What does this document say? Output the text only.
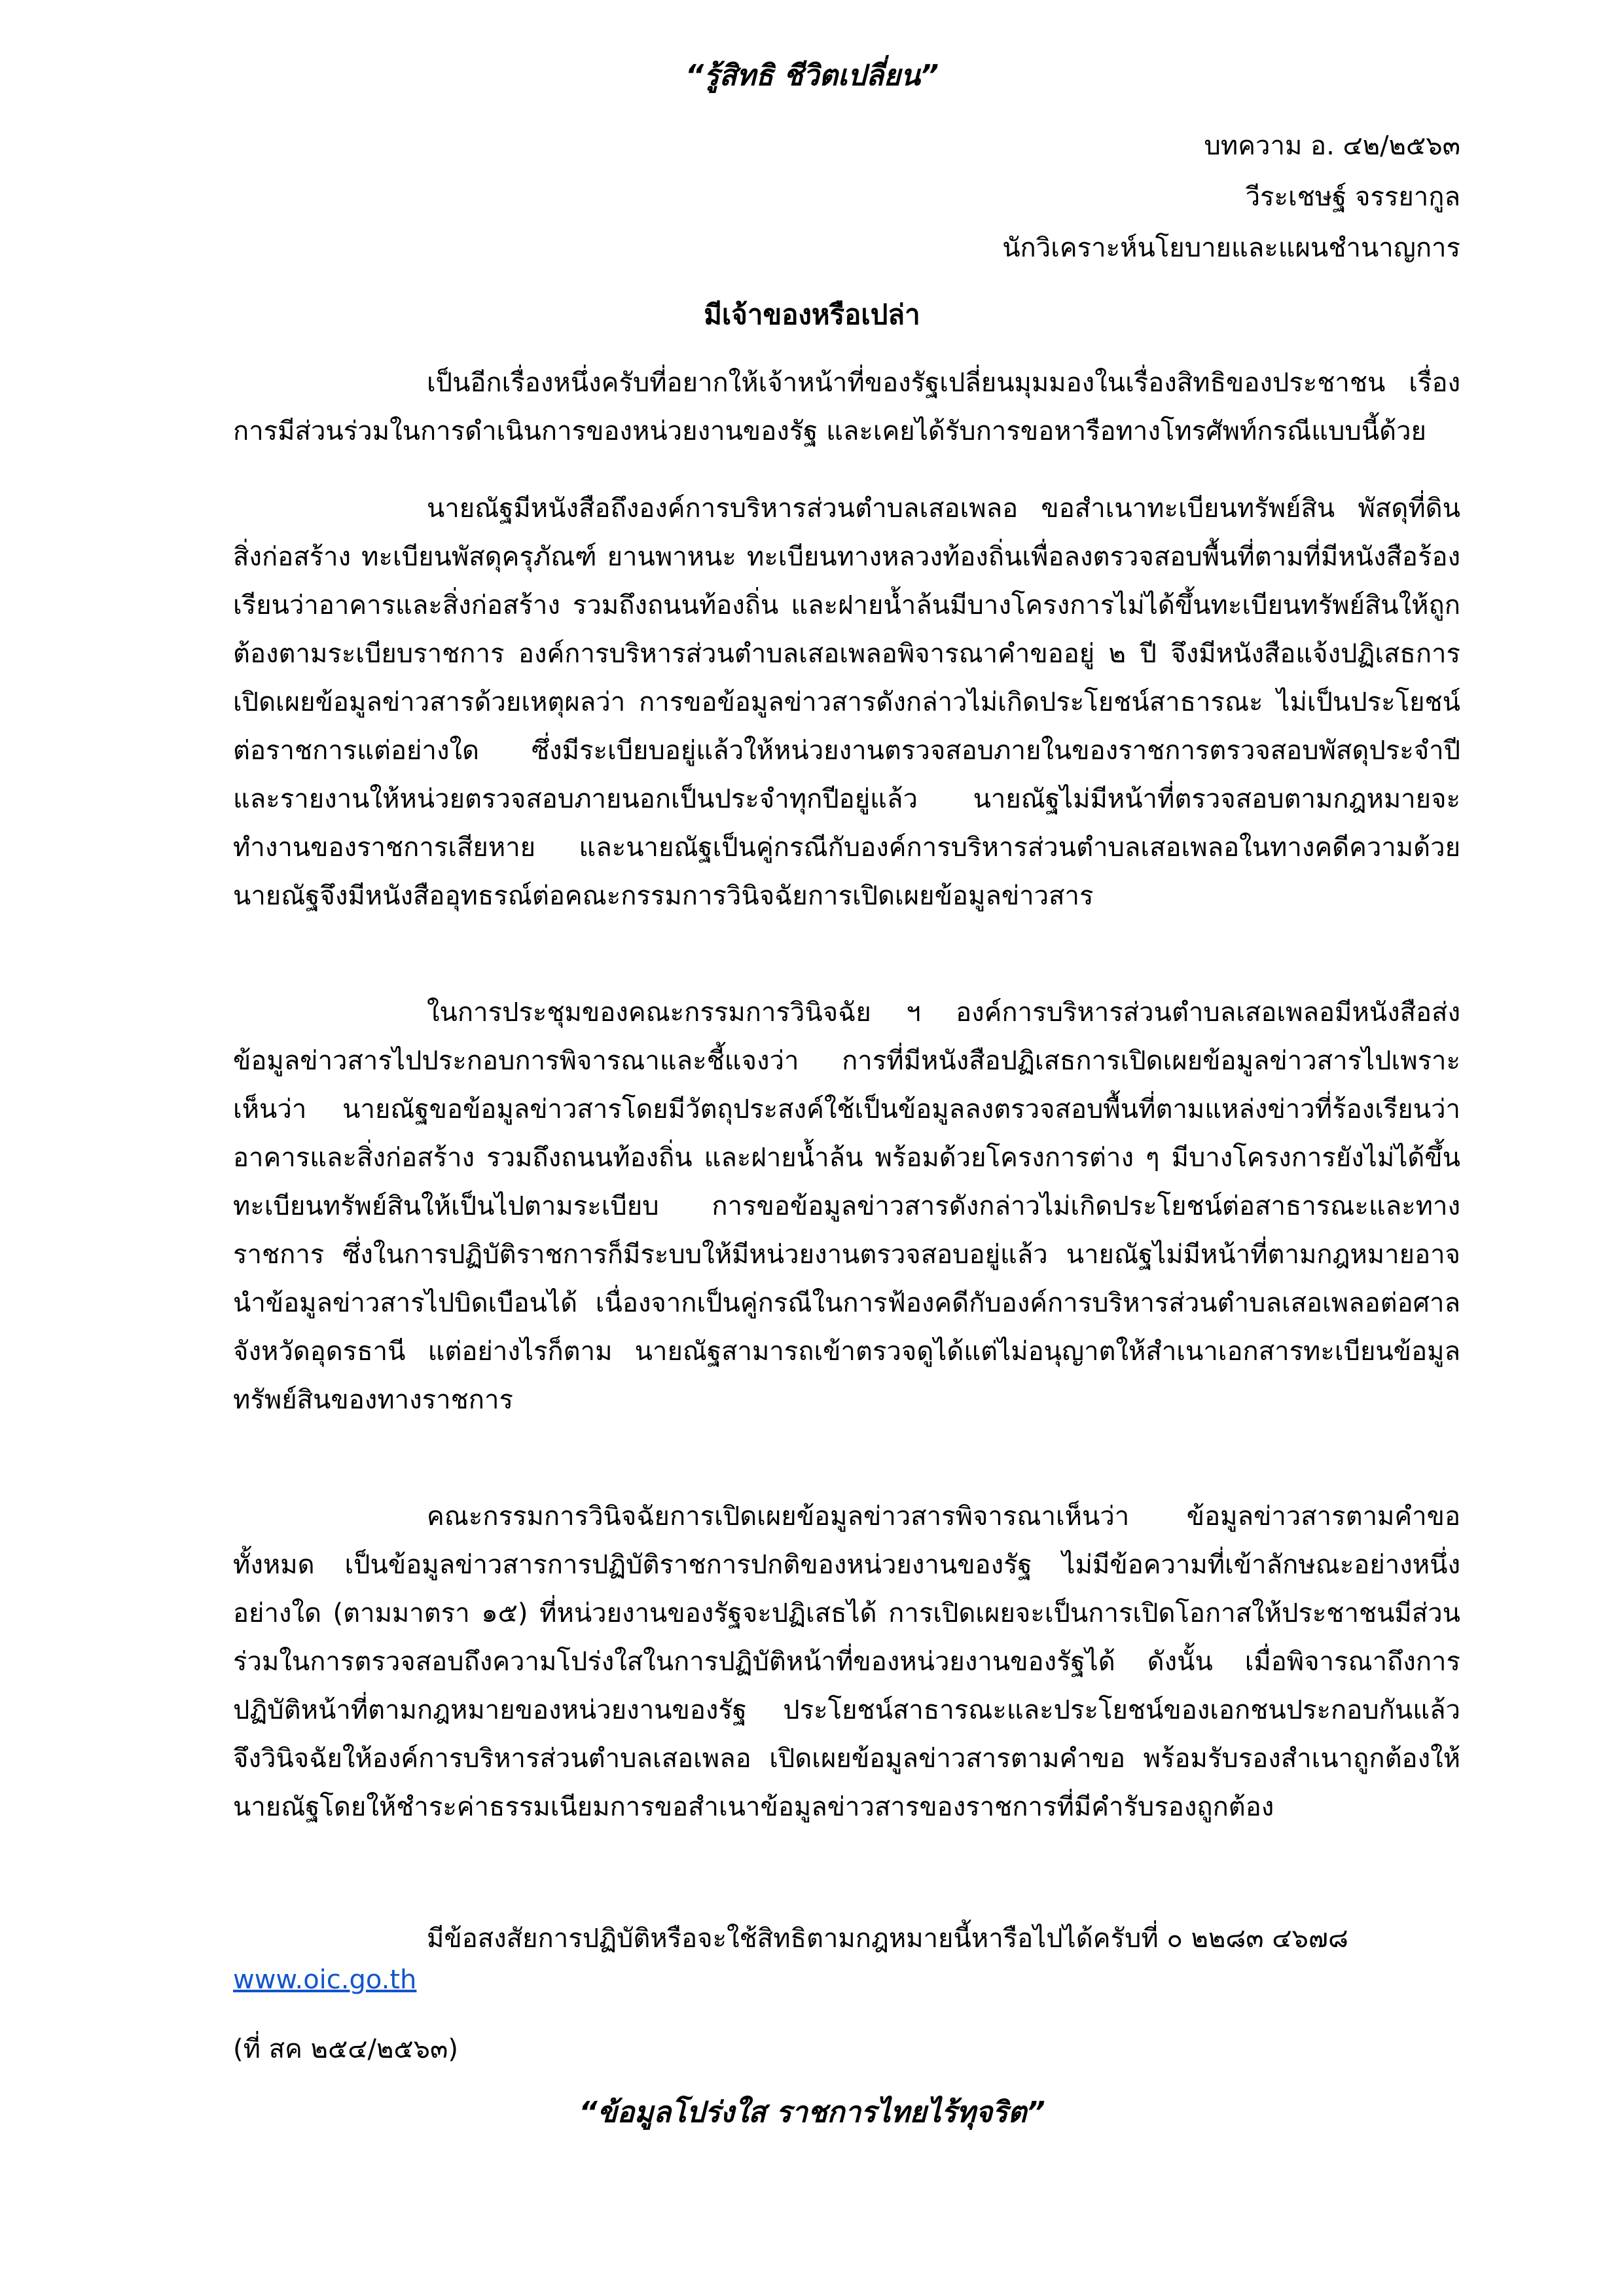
“รู้สิทธิ ชีวิตเปลี่ยน”

บทความ อ. ๔๒/๒๕๖๓

วีระเชษฐ์ จรรยากูล

นักวิเคราะห์นโยบายและแผนชำนาญการ

มีเจ้าของหรือเปล่า

เป็นอีกเรื่องหนึ่งครับที่อยากให้เจ้าหน้าที่ของรัฐเปลี่ยนมุมมองในเรื่องสิทธิของประชาชน เรื่องการมีส่วนร่วมในการดำเนินการของหน่วยงานของรัฐ และเคยได้รับการขอหารือทางโทรศัพท์กรณีแบบนี้ด้วย

นายณัฐมีหนังสือถึงองค์การบริหารส่วนตำบลเสอเพลอ ขอสำเนาทะเบียนทรัพย์สิน พัสดุที่ดิน สิ่งก่อสร้าง ทะเบียนพัสดุครุภัณฑ์ ยานพาหนะ ทะเบียนทางหลวงท้องถิ่นเพื่อลงตรวจสอบพื้นที่ตามที่มีหนังสือร้องเรียนว่าอาคารและสิ่งก่อสร้าง รวมถึงถนนท้องถิ่น และฝายน้ำล้นมีบางโครงการไม่ได้ขึ้นทะเบียนทรัพย์สินให้ถูกต้องตามระเบียบราชการ องค์การบริหารส่วนตำบลเสอเพลอพิจารณาคำขออยู่ ๒ ปี จึงมีหนังสือแจ้งปฏิเสธการเปิดเผยข้อมูลข่าวสารด้วยเหตุผลว่า การขอข้อมูลข่าวสารดังกล่าวไม่เกิดประโยชน์สาธารณะ ไม่เป็นประโยชน์ต่อราชการแต่อย่างใด ซึ่งมีระเบียบอยู่แล้วให้หน่วยงานตรวจสอบภายในของราชการตรวจสอบพัสดุประจำปี และรายงานให้หน่วยตรวจสอบภายนอกเป็นประจำทุกปีอยู่แล้ว นายณัฐไม่มีหน้าที่ตรวจสอบตามกฎหมายจะทำงานของราชการเสียหาย และนายณัฐเป็นคู่กรณีกับองค์การบริหารส่วนตำบลเสอเพลอในทางคดีความด้วย นายณัฐจึงมีหนังสืออุทธรณ์ต่อคณะกรรมการวินิจฉัยการเปิดเผยข้อมูลข่าวสาร

ในการประชุมของคณะกรรมการวินิจฉัย ฯ องค์การบริหารส่วนตำบลเสอเพลอมีหนังสือส่งข้อมูลข่าวสารไปประกอบการพิจารณาและชี้แจงว่า การที่มีหนังสือปฏิเสธการเปิดเผยข้อมูลข่าวสารไปเพราะเห็นว่า นายณัฐขอข้อมูลข่าวสารโดยมีวัตถุประสงค์ใช้เป็นข้อมูลลงตรวจสอบพื้นที่ตามแหล่งข่าวที่ร้องเรียนว่าอาคารและสิ่งก่อสร้าง รวมถึงถนนท้องถิ่น และฝายน้ำล้น พร้อมด้วยโครงการต่าง ๆ มีบางโครงการยังไม่ได้ขึ้นทะเบียนทรัพย์สินให้เป็นไปตามระเบียบ การขอข้อมูลข่าวสารดังกล่าวไม่เกิดประโยชน์ต่อสาธารณะและทางราชการ ซึ่งในการปฏิบัติราชการก็มีระบบให้มีหน่วยงานตรวจสอบอยู่แล้ว นายณัฐไม่มีหน้าที่ตามกฎหมายอาจนำข้อมูลข่าวสารไปบิดเบือนได้ เนื่องจากเป็นคู่กรณีในการฟ้องคดีกับองค์การบริหารส่วนตำบลเสอเพลอต่อศาลจังหวัดอุดรธานี แต่อย่างไรก็ตาม นายณัฐสามารถเข้าตรวจดูได้แต่ไม่อนุญาตให้สำเนาเอกสารทะเบียนข้อมูลทรัพย์สินของทางราชการ

คณะกรรมการวินิจฉัยการเปิดเผยข้อมูลข่าวสารพิจารณาเห็นว่า ข้อมูลข่าวสารตามคำขอทั้งหมด เป็นข้อมูลข่าวสารการปฏิบัติราชการปกติของหน่วยงานของรัฐ ไม่มีข้อความที่เข้าลักษณะอย่างหนึ่งอย่างใด (ตามมาตรา ๑๕) ที่หน่วยงานของรัฐจะปฏิเสธได้ การเปิดเผยจะเป็นการเปิดโอกาสให้ประชาชนมีส่วนร่วมในการตรวจสอบถึงความโปร่งใสในการปฏิบัติหน้าที่ของหน่วยงานของรัฐได้ ดังนั้น เมื่อพิจารณาถึงการปฏิบัติหน้าที่ตามกฎหมายของหน่วยงานของรัฐ ประโยชน์สาธารณะและประโยชน์ของเอกชนประกอบกันแล้ว จึงวินิจฉัยให้องค์การบริหารส่วนตำบลเสอเพลอ เปิดเผยข้อมูลข่าวสารตามคำขอ พร้อมรับรองสำเนาถูกต้องให้นายณัฐโดยให้ชำระค่าธรรมเนียมการขอสำเนาข้อมูลข่าวสารของราชการที่มีคำรับรองถูกต้อง

มีข้อสงสัยการปฏิบัติหรือจะใช้สิทธิตามกฎหมายนี้หารือไปได้ครับที่ ๐ ๒๒๘๓ ๔๖๗๘

www.oic.go.th

(ที่ สค ๒๕๔/๒๕๖๓)

“ข้อมูลโปร่งใส ราชการไทยไร้ทุจริต”
